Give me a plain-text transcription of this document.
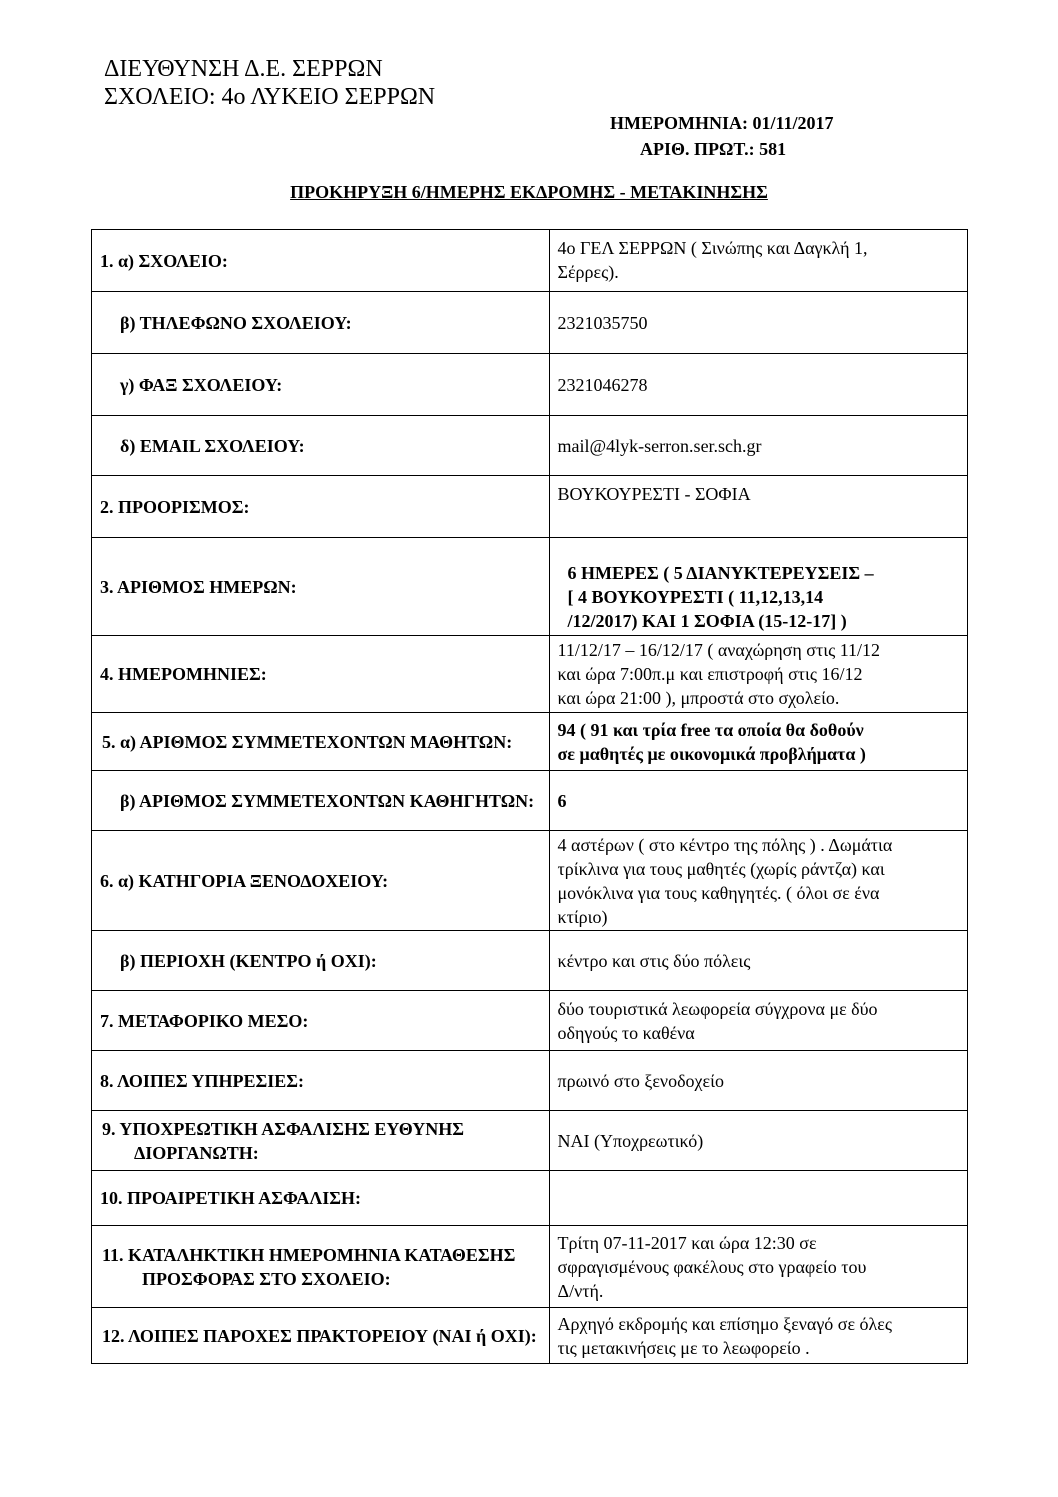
ΔΙΕΥΘΥΝΣΗ Δ.Ε. ΣΕΡΡΩΝ
ΣΧΟΛΕΙΟ: 4ο ΛΥΚΕΙΟ ΣΕΡΡΩΝ
ΗΜΕΡΟΜΗΝΙΑ: 01/11/2017
ΑΡΙΘ. ΠΡΩΤ.: 581
ΠΡΟΚΗΡΥΞΗ 6/ΗΜΕΡΗΣ ΕΚΔΡΟΜΗΣ - ΜΕΤΑΚΙΝΗΣΗΣ
1. α) ΣΧΟΛΕΙΟ:	4ο ΓΕΛ ΣΕΡΡΩΝ ( Σινώπης και Δαγκλή 1,
Σέρρες).
β) ΤΗΛΕΦΩΝΟ ΣΧΟΛΕΙΟΥ:	2321035750
γ) ΦΑΞ ΣΧΟΛΕΙΟΥ:	2321046278
δ) EMAIL ΣΧΟΛΕΙΟΥ:	mail@4lyk-serron.ser.sch.gr
2. ΠΡΟΟΡΙΣΜΟΣ:	ΒΟΥΚΟΥΡΕΣΤΙ - ΣΟΦΙΑ
3. ΑΡΙΘΜΟΣ ΗΜΕΡΩΝ:	6 ΗΜΕΡΕΣ ( 5 ΔΙΑΝΥΚΤΕΡΕΥΣΕΙΣ –
[ 4 ΒΟΥΚΟΥΡΕΣΤΙ ( 11,12,13,14
/12/2017) ΚΑΙ 1 ΣΟΦΙΑ (15-12-17] )
4. ΗΜΕΡΟΜΗΝΙΕΣ:	11/12/17 – 16/12/17 ( αναχώρηση στις 11/12
και ώρα 7:00π.μ και επιστροφή στις 16/12
και ώρα 21:00 ), μπροστά στο σχολείο.
5. α) ΑΡΙΘΜΟΣ ΣΥΜΜΕΤΕΧΟΝΤΩΝ ΜΑΘΗΤΩΝ:	94 ( 91 και τρία free τα οποία θα δοθούν
σε μαθητές με οικονομικά προβλήματα )
β) ΑΡΙΘΜΟΣ ΣΥΜΜΕΤΕΧΟΝΤΩΝ ΚΑΘΗΓΗΤΩΝ:	6
6. α) ΚΑΤΗΓΟΡΙΑ ΞΕΝΟΔΟΧΕΙΟΥ:	4 αστέρων ( στο κέντρο της πόλης ) . Δωμάτια
τρίκλινα για τους μαθητές (χωρίς ράντζα) και
μονόκλινα για τους καθηγητές. ( όλοι σε ένα
κτίριο)
β) ΠΕΡΙΟΧΗ (ΚΕΝΤΡΟ ή ΟΧΙ):	κέντρο και στις δύο πόλεις
7. ΜΕΤΑΦΟΡΙΚΟ ΜΕΣΟ:	δύο τουριστικά λεωφορεία σύγχρονα με δύο
οδηγούς το καθένα
8. ΛΟΙΠΕΣ ΥΠΗΡΕΣΙΕΣ:	πρωινό στο ξενοδοχείο
9. ΥΠΟΧΡΕΩΤΙΚΗ ΑΣΦΑΛΙΣΗΣ ΕΥΘΥΝΗΣ ΔΙΟΡΓΑΝΩΤΗ:	ΝΑΙ (Υποχρεωτικό)
10. ΠΡΟΑΙΡΕΤΙΚΗ ΑΣΦΑΛΙΣΗ:	
11. ΚΑΤΑΛΗΚΤΙΚΗ ΗΜΕΡΟΜΗΝΙΑ ΚΑΤΑΘΕΣΗΣ ΠΡΟΣΦΟΡΑΣ ΣΤΟ ΣΧΟΛΕΙΟ:	Τρίτη 07-11-2017 και ώρα 12:30 σε
σφραγισμένους φακέλους στο γραφείο του
Δ/ντή.
12. ΛΟΙΠΕΣ ΠΑΡΟΧΕΣ ΠΡΑΚΤΟΡΕΙΟΥ (ΝΑΙ ή ΟΧΙ):	Αρχηγό εκδρομής και επίσημο ξεναγό σε όλες
τις μετακινήσεις με το λεωφορείο .
